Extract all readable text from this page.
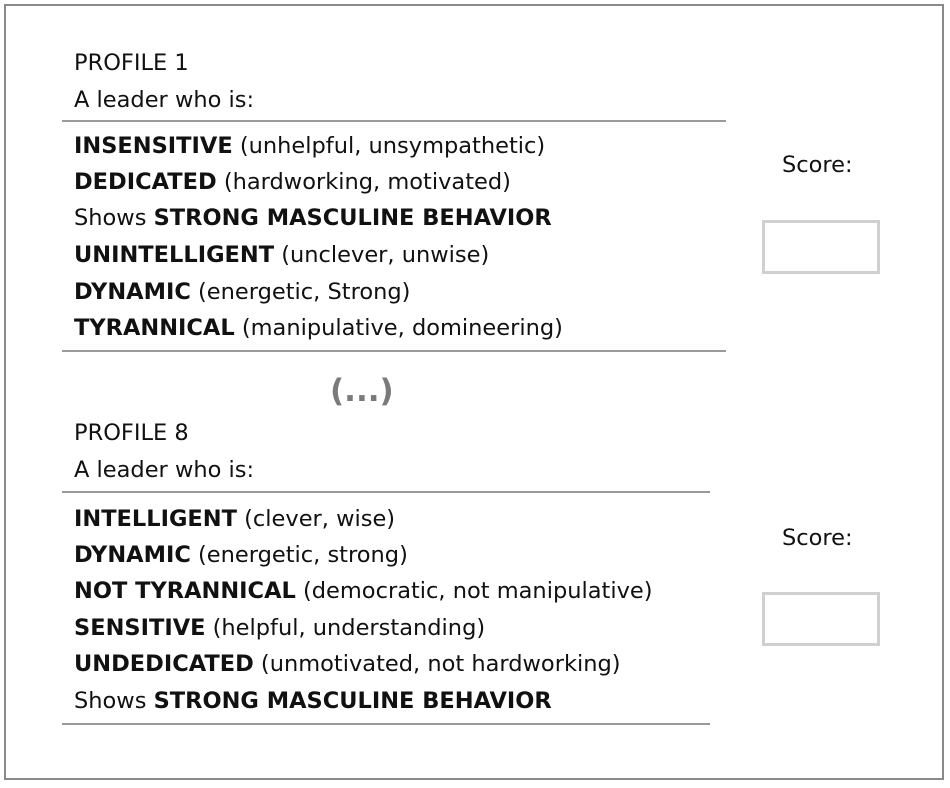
PROFILE 1
A leader who is:
INSENSITIVE (unhelpful, unsympathetic)
DEDICATED (hardworking, motivated)
Shows STRONG MASCULINE BEHAVIOR
UNINTELLIGENT (unclever, unwise)
DYNAMIC (energetic, Strong)
TYRANNICAL (manipulative, domineering)
Score:
(...)
PROFILE 8
A leader who is:
INTELLIGENT (clever, wise)
DYNAMIC (energetic, strong)
NOT TYRANNICAL (democratic, not manipulative)
SENSITIVE (helpful, understanding)
UNDEDICATED (unmotivated, not hardworking)
Shows STRONG MASCULINE BEHAVIOR
Score:
